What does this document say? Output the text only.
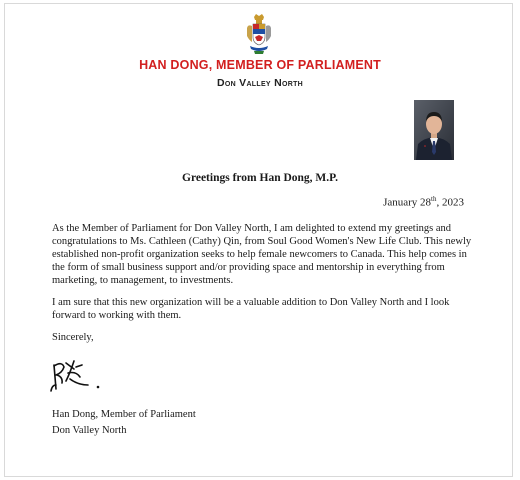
HAN DONG, MEMBER OF PARLIAMENT
Don Valley North
Greetings from Han Dong, M.P.
January 28th, 2023
As the Member of Parliament for Don Valley North, I am delighted to extend my greetings and congratulations to Ms. Cathleen (Cathy) Qin, from Soul Good Women's New Life Club. This newly established non-profit organization seeks to help female newcomers to Canada. This help comes in the form of small business support and/or providing space and mentorship in everything from marketing, to management, to investments.
I am sure that this new organization will be a valuable addition to Don Valley North and I look forward to working with them.
Sincerely,
Han Dong, Member of Parliament
Don Valley North
